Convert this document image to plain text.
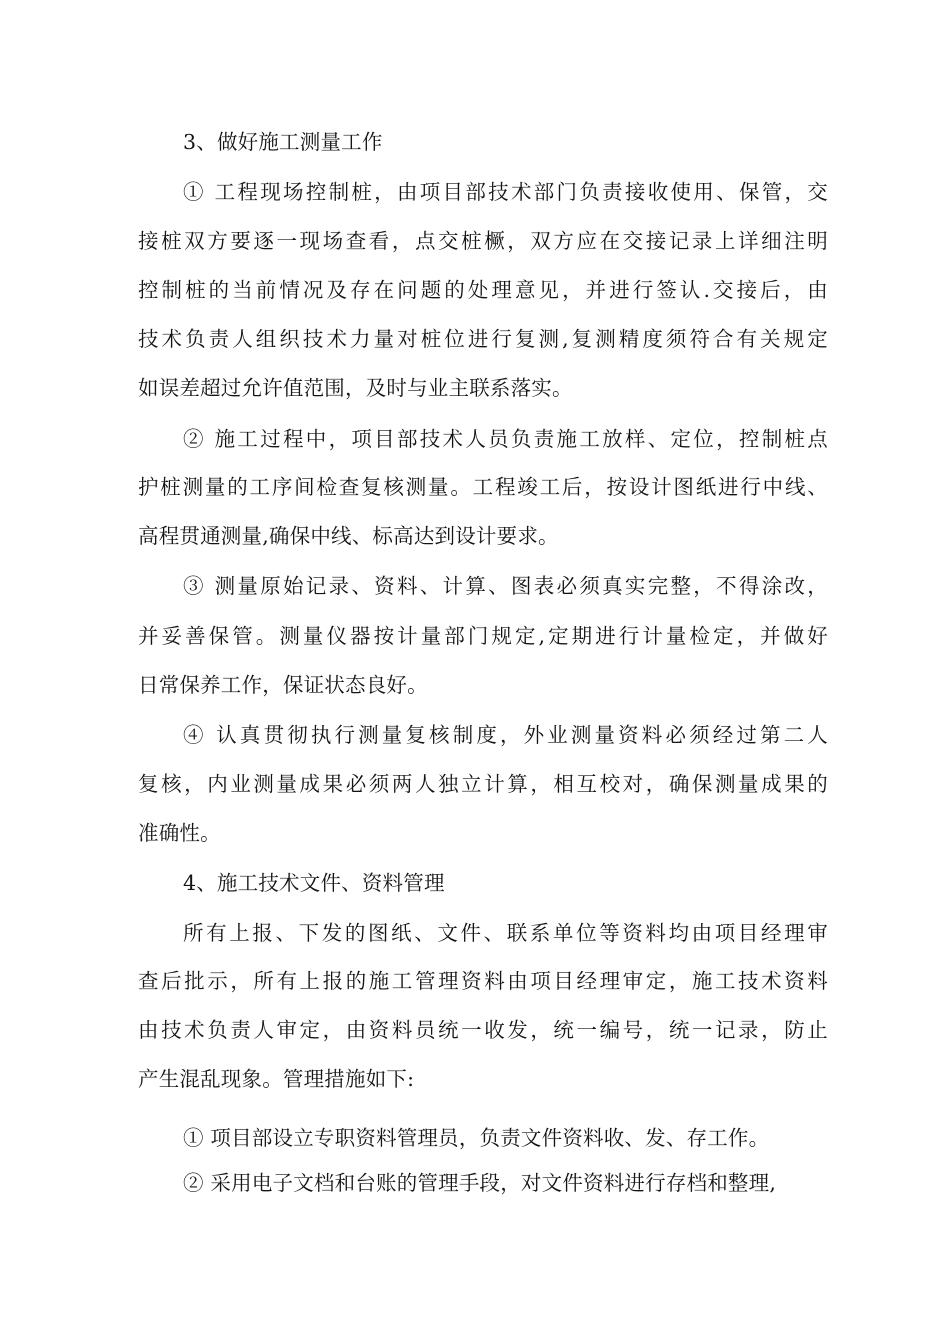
3、做好施工测量工作
① 工程现场控制桩，由项目部技术部门负责接收使用、保管，交
接桩双方要逐一现场查看，点交桩橛，双方应在交接记录上详细注明
控制桩的当前情况及存在问题的处理意见，并进行签认.交接后，由
技术负责人组织技术力量对桩位进行复测,复测精度须符合有关规定
如误差超过允许值范围，及时与业主联系落实。
② 施工过程中，项目部技术人员负责施工放样、定位，控制桩点
护桩测量的工序间检查复核测量。工程竣工后，按设计图纸进行中线、
高程贯通测量,确保中线、标高达到设计要求。
③ 测量原始记录、资料、计算、图表必须真实完整，不得涂改，
并妥善保管。测量仪器按计量部门规定,定期进行计量检定，并做好
日常保养工作，保证状态良好。
④ 认真贯彻执行测量复核制度，外业测量资料必须经过第二人
复核，内业测量成果必须两人独立计算，相互校对，确保测量成果的
准确性。
4、施工技术文件、资料管理
所有上报、下发的图纸、文件、联系单位等资料均由项目经理审
查后批示，所有上报的施工管理资料由项目经理审定，施工技术资料
由技术负责人审定，由资料员统一收发，统一编号，统一记录，防止
产生混乱现象。管理措施如下:
① 项目部设立专职资料管理员，负责文件资料收、发、存工作。
② 采用电子文档和台账的管理手段，对文件资料进行存档和整理,
